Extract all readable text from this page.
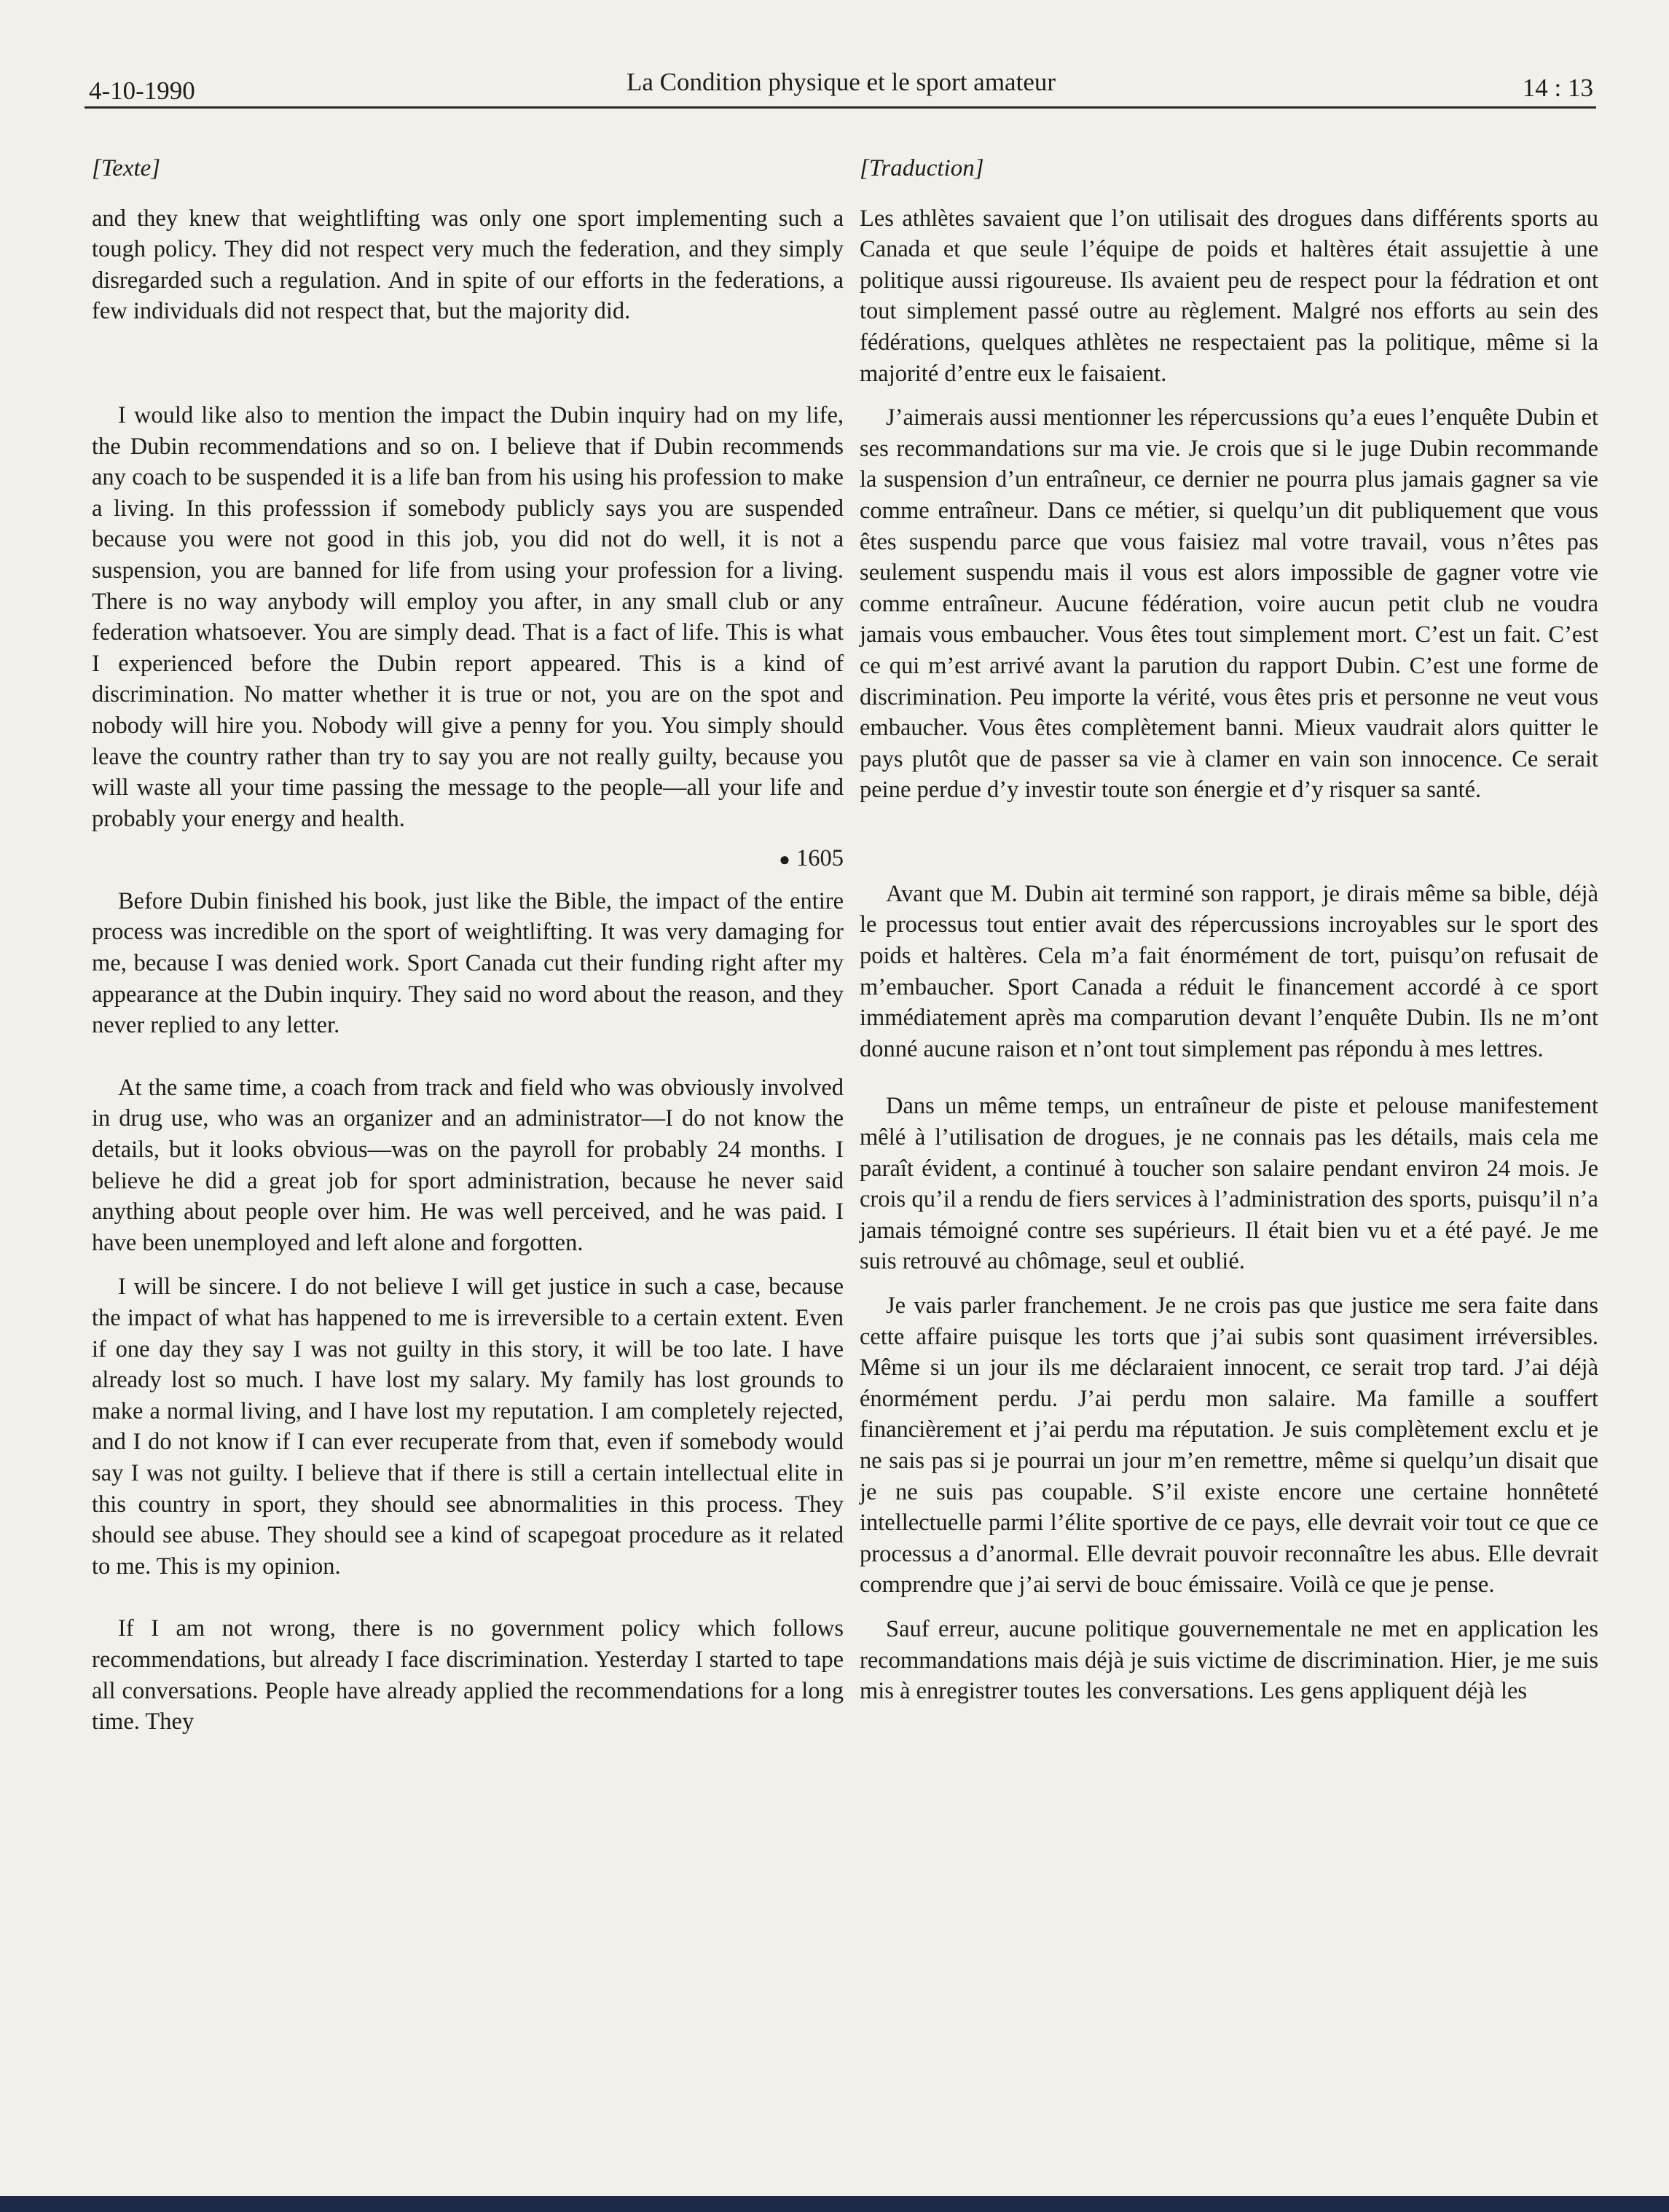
4-10-1990	La Condition physique et le sport amateur	14 : 13
[Texte]

and they knew that weightlifting was only one sport implementing such a tough policy. They did not respect very much the federation, and they simply disregarded such a regulation. And in spite of our efforts in the federations, a few individuals did not respect that, but the majority did.

I would like also to mention the impact the Dubin inquiry had on my life, the Dubin recommendations and so on. I believe that if Dubin recommends any coach to be suspended it is a life ban from his using his profession to make a living. In this professsion if somebody publicly says you are suspended because you were not good in this job, you did not do well, it is not a suspension, you are banned for life from using your profession for a living. There is no way anybody will employ you after, in any small club or any federation whatsoever. You are simply dead. That is a fact of life. This is what I experienced before the Dubin report appeared. This is a kind of discrimination. No matter whether it is true or not, you are on the spot and nobody will hire you. Nobody will give a penny for you. You simply should leave the country rather than try to say you are not really guilty, because you will waste all your time passing the message to the people—all your life and probably your energy and health.

● 1605

Before Dubin finished his book, just like the Bible, the impact of the entire process was incredible on the sport of weightlifting. It was very damaging for me, because I was denied work. Sport Canada cut their funding right after my appearance at the Dubin inquiry. They said no word about the reason, and they never replied to any letter.

At the same time, a coach from track and field who was obviously involved in drug use, who was an organizer and an administrator—I do not know the details, but it looks obvious—was on the payroll for probably 24 months. I believe he did a great job for sport administration, because he never said anything about people over him. He was well perceived, and he was paid. I have been unemployed and left alone and forgotten.

I will be sincere. I do not believe I will get justice in such a case, because the impact of what has happened to me is irreversible to a certain extent. Even if one day they say I was not guilty in this story, it will be too late. I have already lost so much. I have lost my salary. My family has lost grounds to make a normal living, and I have lost my reputation. I am completely rejected, and I do not know if I can ever recuperate from that, even if somebody would say I was not guilty. I believe that if there is still a certain intellectual elite in this country in sport, they should see abnormalities in this process. They should see abuse. They should see a kind of scapegoat procedure as it related to me. This is my opinion.

If I am not wrong, there is no government policy which follows recommendations, but already I face discrimination. Yesterday I started to tape all conversations. People have already applied the recommendations for a long time. They

[Traduction]

Les athlètes savaient que l’on utilisait des drogues dans différents sports au Canada et que seule l’équipe de poids et haltères était assujettie à une politique aussi rigoureuse. Ils avaient peu de respect pour la fédration et ont tout simplement passé outre au règlement. Malgré nos efforts au sein des fédérations, quelques athlètes ne respectaient pas la politique, même si la majorité d’entre eux le faisaient.

J’aimerais aussi mentionner les répercussions qu’a eues l’enquête Dubin et ses recommandations sur ma vie. Je crois que si le juge Dubin recommande la suspension d’un entraîneur, ce dernier ne pourra plus jamais gagner sa vie comme entraîneur. Dans ce métier, si quelqu’un dit publiquement que vous êtes suspendu parce que vous faisiez mal votre travail, vous n’êtes pas seulement suspendu mais il vous est alors impossible de gagner votre vie comme entraîneur. Aucune fédération, voire aucun petit club ne voudra jamais vous embaucher. Vous êtes tout simplement mort. C’est un fait. C’est ce qui m’est arrivé avant la parution du rapport Dubin. C’est une forme de discrimination. Peu importe la vérité, vous êtes pris et personne ne veut vous embaucher. Vous êtes complètement banni. Mieux vaudrait alors quitter le pays plutôt que de passer sa vie à clamer en vain son innocence. Ce serait peine perdue d’y investir toute son énergie et d’y risquer sa santé.

Avant que M. Dubin ait terminé son rapport, je dirais même sa bible, déjà le processus tout entier avait des répercussions incroyables sur le sport des poids et haltères. Cela m’a fait énormément de tort, puisqu’on refusait de m’embaucher. Sport Canada a réduit le financement accordé à ce sport immédiatement après ma comparution devant l’enquête Dubin. Ils ne m’ont donné aucune raison et n’ont tout simplement pas répondu à mes lettres.

Dans un même temps, un entraîneur de piste et pelouse manifestement mêlé à l’utilisation de drogues, je ne connais pas les détails, mais cela me paraît évident, a continué à toucher son salaire pendant environ 24 mois. Je crois qu’il a rendu de fiers services à l’administration des sports, puisqu’il n’a jamais témoigné contre ses supérieurs. Il était bien vu et a été payé. Je me suis retrouvé au chômage, seul et oublié.

Je vais parler franchement. Je ne crois pas que justice me sera faite dans cette affaire puisque les torts que j’ai subis sont quasiment irréversibles. Même si un jour ils me déclaraient innocent, ce serait trop tard. J’ai déjà énormément perdu. J’ai perdu mon salaire. Ma famille a souffert financièrement et j’ai perdu ma réputation. Je suis complètement exclu et je ne sais pas si je pourrai un jour m’en remettre, même si quelqu’un disait que je ne suis pas coupable. S’il existe encore une certaine honnêteté intellectuelle parmi l’élite sportive de ce pays, elle devrait voir tout ce que ce processus a d’anormal. Elle devrait pouvoir reconnaître les abus. Elle devrait comprendre que j’ai servi de bouc émissaire. Voilà ce que je pense.

Sauf erreur, aucune politique gouvernementale ne met en application les recommandations mais déjà je suis victime de discrimination. Hier, je me suis mis à enregistrer toutes les conversations. Les gens appliquent déjà les
